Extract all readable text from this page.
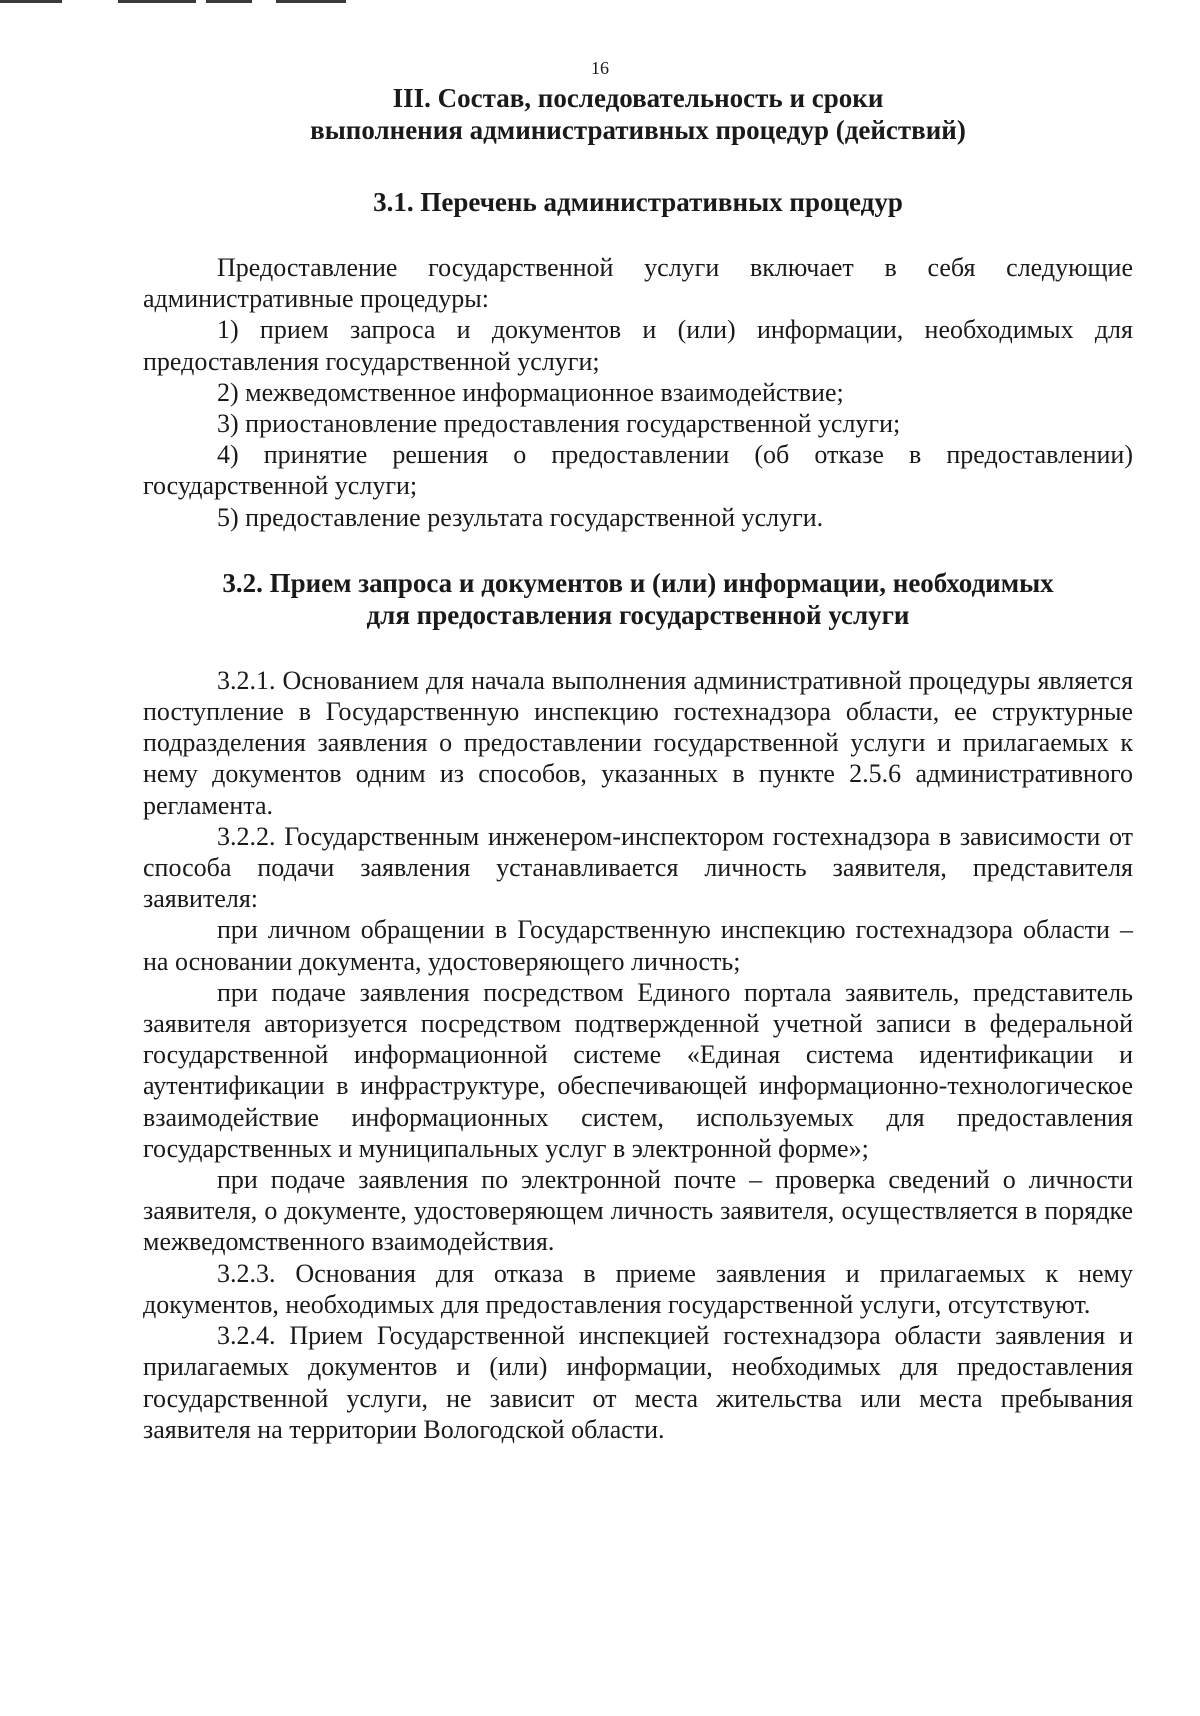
16
III. Состав, последовательность и сроки
выполнения административных процедур (действий)
3.1. Перечень административных процедур

Предоставление государственной услуги включает в себя следующие административные процедуры:

1) прием запроса и документов и (или) информации, необходимых для предоставления государственной услуги;

2) межведомственное информационное взаимодействие;

3) приостановление предоставления государственной услуги;

4) принятие решения о предоставлении (об отказе в предоставлении) государственной услуги;

5) предоставление результата государственной услуги.

3.2. Прием запроса и документов и (или) информации, необходимых
для предоставления государственной услуги

3.2.1. Основанием для начала выполнения административной процедуры является поступление в Государственную инспекцию гостехнадзора области, ее структурные подразделения заявления о предоставлении государственной услуги и прилагаемых к нему документов одним из способов, указанных в пункте 2.5.6 административного регламента.

3.2.2. Государственным инженером-инспектором гостехнадзора в зависимости от способа подачи заявления устанавливается личность заявителя, представителя заявителя:

при личном обращении в Государственную инспекцию гостехнадзора области – на основании документа, удостоверяющего личность;

при подаче заявления посредством Единого портала заявитель, представитель заявителя авторизуется посредством подтвержденной учетной записи в федеральной государственной информационной системе «Единая система идентификации и аутентификации в инфраструктуре, обеспечивающей информационно-технологическое взаимодействие информационных систем, используемых для предоставления государственных и муниципальных услуг в электронной форме»;

при подаче заявления по электронной почте – проверка сведений о личности заявителя, о документе, удостоверяющем личность заявителя, осуществляется в порядке межведомственного взаимодействия.

3.2.3. Основания для отказа в приеме заявления и прилагаемых к нему документов, необходимых для предоставления государственной услуги, отсутствуют.

3.2.4. Прием Государственной инспекцией гостехнадзора области заявления и прилагаемых документов и (или) информации, необходимых для предоставления государственной услуги, не зависит от места жительства или места пребывания заявителя на территории Вологодской области.
